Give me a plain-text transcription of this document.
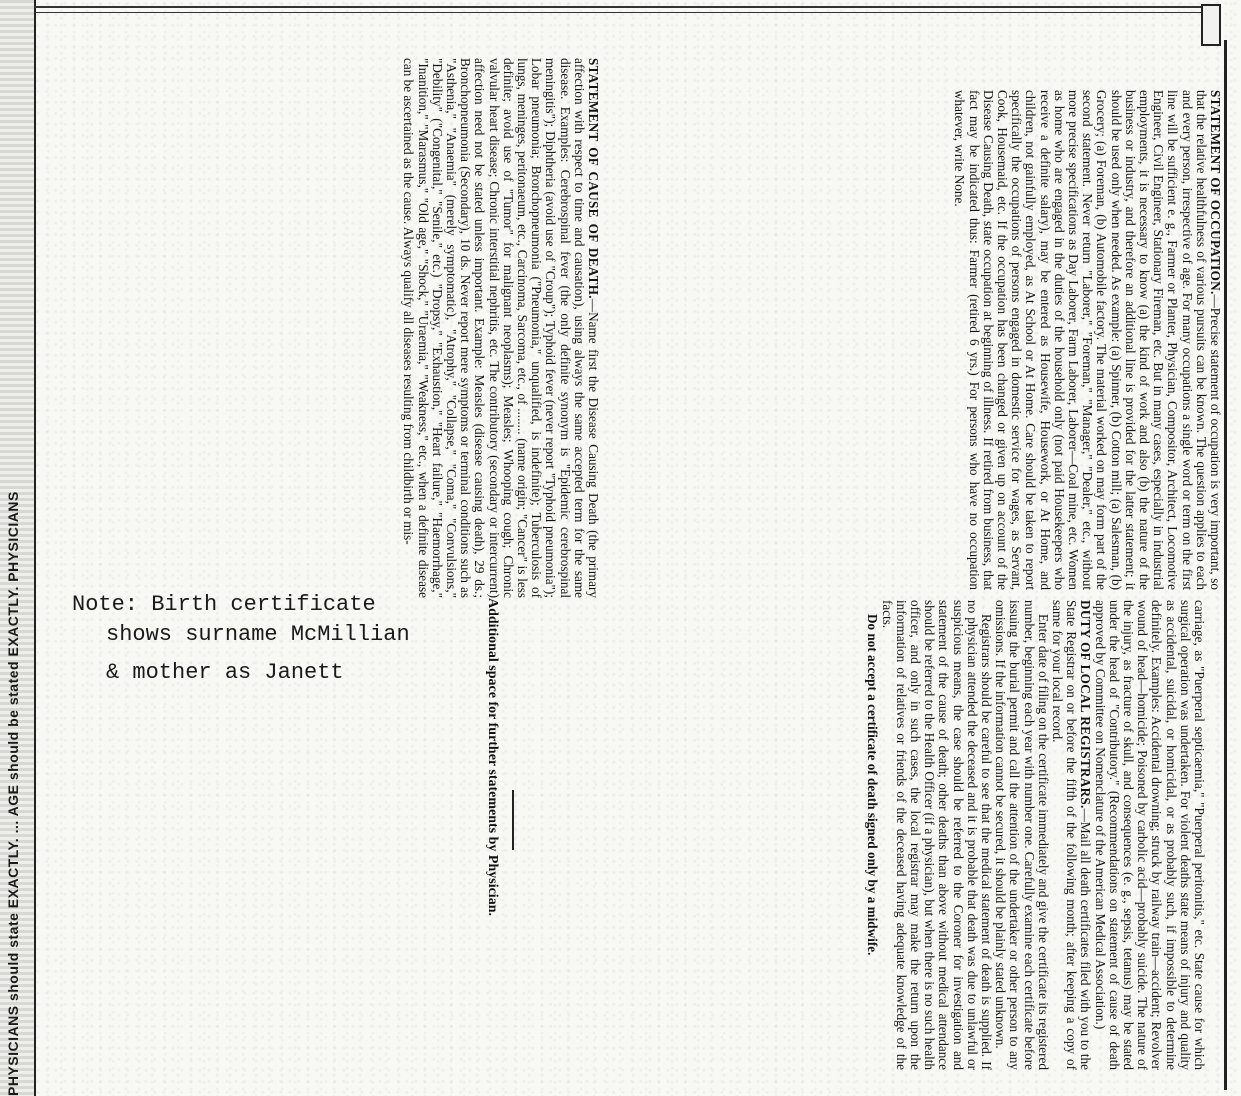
PHYSICIANS should state EXACTLY. ... AGE should be stated EXACTLY. PHYSICIANS

STATEMENT OF OCCUPATION.—Precise statement of occupation is very important, so that the relative healthfulness of various pursuits can be known. The question applies to each and every person, irrespective of age. For many occupations a single word or term on the first line will be sufficient e. g., Farmer or Planter, Physician, Compositor, Architect, Locomotive Engineer, Civil Engineer, Stationary Fireman, etc. But in many cases, especially in industrial employments, it is necessary to know (a) the kind of work and also (b) the nature of the business or industry, and therefore an additional line is provided for the latter statement; it should be used only when needed. As example: (a) Spinner, (b) Cotton mill; (a) Salesman, (b) Grocery; (a) Foreman, (b) Automobile factory. The material worked on may form part of the second statement. Never return "Laborer," "Foreman," "Manager," "Dealer," etc., without more precise specifications as Day Laborer, Farm Laborer, Laborer—Coal mine, etc. Women as home who are engaged in the duties of the household only (not paid Housekeepers who receive a definite salary), may be entered as Housewife, Housework, or At Home, and children, not gainfully employed, as At School or At Home. Care should be taken to report specifically the occupations of persons engaged in domestic service for wages, as Servant, Cook, Housemaid, etc. If the occupation has been changed or given up on account of the Disease Causing Death, state occupation at beginning of illness. If retired from business, that fact may be indicated thus: Farmer (retired 6 yrs.) For persons who have no occupation whatever, write None.

STATEMENT OF CAUSE OF DEATH.—Name first the Disease Causing Death (the primary affection with respect to time and causation), using always the same accepted term for the same disease. Examples: Cerebrospinal fever (the only definite synonym is "Epidemic cerebrospinal meningitis"); Diphtheria (avoid use of "Croup"); Typhoid fever (never report "Typhoid pneumonia"); Lobar pneumonia; Bronchopneumonia ("Pneumonia," unqualified, is indefinite); Tuberculosis of lungs, meninges, peritonaeum, etc., Carcinoma, Sarcoma, etc., of ........ (name origin; "Cancer" is less definite; avoid use of "Tumor" for malignant neoplasms); Measles; Whooping cough; Chronic valvular heart disease; Chronic interstitial nephritis, etc. The contributory (secondary or intercurrent) affection need not be stated unless important. Example: Measles (disease causing death), 29 ds.; Bronchopneumonia (Secondary), 10 ds. Never report mere symptoms or terminal conditions such as "Asthenia," "Anaemia" (merely symptomatic), "Atrophy," "Collapse," "Coma," "Convulsions," "Debility" ("Congenital," "Senile," etc.) "Dropsy," "Exhaustion," "Heart failure," "Haemorrhage," "Inanition," "Marasmus," "Old age," "Shock," "Uraemia," "Weakness," etc., when a definite disease can be ascertained as the cause. Always qualify all diseases resulting from childbirth or mis-

carriage, as "Puerperal septicaemia," "Puerperal peritonitis," etc. State cause for which surgical operation was undertaken. For violent deaths state means of injury and quality as accidental, suicidal, or homicidal, or as probably such, if impossible to determine definitely. Examples: Accidental drowning; struck by railway train—accident; Revolver wound of head—homicide; Poisoned by carbolic acid—probably suicide. The nature of the injury, as fracture of skull, and consequences (e. g., sepsis, tetanus) may be stated under the head of "Contributory." (Recommendations on statement of cause of death approved by Committee on Nomenclature of the American Medical Association.)

DUTY OF LOCAL REGISTRARS.—Mail all death certificates filed with you to the State Registrar on or before the fifth of the following month; after keeping a copy of same for your local record.

Enter date of filing on the certificate immediately and give the certificate its registered number, beginning each year with number one. Carefully examine each certificate before issuing the burial permit and call the attention of the undertaker or other person to any omissions. If the information cannot be secured, it should be plainly stated unknown.

Registrars should be careful to see that the medical statement of death is supplied. If no physician attended the deceased and it is probable that death was due to unlawful or suspicious means, the case should be referred to the Coroner for investigation and statement of the cause of death; other deaths than above without medical attendance should be referred to the Health Officer (if a physician), but when there is no such health officer, and only in such cases, the local registrar may make the return upon the information of relatives or friends of the deceased having adequate knowledge of the facts.

Do not accept a certificate of death signed only by a midwife.

Additional space for further statements by Physician.
Note: Birth certificate
shows surname McMillian

& mother as Janett
